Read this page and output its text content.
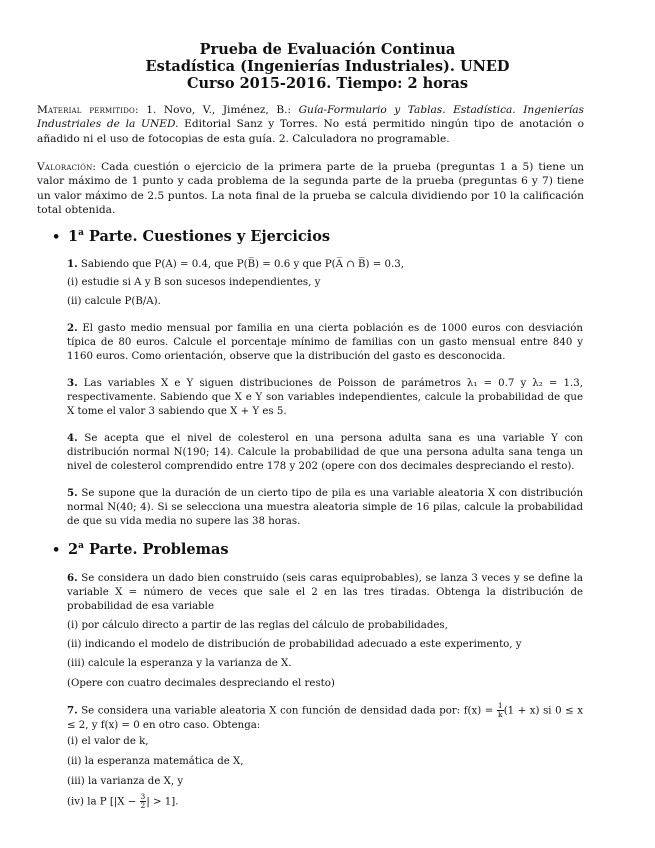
Prueba de Evaluación Continua
Estadística (Ingenierías Industriales). UNED
Curso 2015-2016. Tiempo: 2 horas
Material permitido: 1. Novo, V., Jiménez, B.: Guía-Formulario y Tablas. Estadística. Ingenierías Industriales de la UNED. Editorial Sanz y Torres. No está permitido ningún tipo de anotación o añadido ni el uso de fotocopias de esta guía. 2. Calculadora no programable.
Valoración: Cada cuestión o ejercicio de la primera parte de la prueba (preguntas 1 a 5) tiene un valor máximo de 1 punto y cada problema de la segunda parte de la prueba (preguntas 6 y 7) tiene un valor máximo de 2.5 puntos. La nota final de la prueba se calcula dividiendo por 10 la calificación total obtenida.
• 1$^a$ Parte. Cuestiones y Ejercicios
1. Sabiendo que P(A) = 0.4, que P(B̅) = 0.6 y que P(A̅ ∩ B̅) = 0.3,
(i) estudie si A y B son sucesos independientes, y
(ii) calcule P(B/A).
2. El gasto medio mensual por familia en una cierta población es de 1000 euros con desviación típica de 80 euros. Calcule el porcentaje mínimo de familias con un gasto mensual entre 840 y 1160 euros. Como orientación, observe que la distribución del gasto es desconocida.
3. Las variables X e Y siguen distribuciones de Poisson de parámetros λ₁ = 0.7 y λ₂ = 1.3, respectivamente. Sabiendo que X e Y son variables independientes, calcule la probabilidad de que X tome el valor 3 sabiendo que X + Y es 5.
4. Se acepta que el nivel de colesterol en una persona adulta sana es una variable Y con distribución normal N(190; 14). Calcule la probabilidad de que una persona adulta sana tenga un nivel de colesterol comprendido entre 178 y 202 (opere con dos decimales despreciando el resto).
5. Se supone que la duración de un cierto tipo de pila es una variable aleatoria X con distribución normal N(40; 4). Si se selecciona una muestra aleatoria simple de 16 pilas, calcule la probabilidad de que su vida media no supere las 38 horas.
• 2$^a$ Parte. Problemas
6. Se considera un dado bien construido (seis caras equiprobables), se lanza 3 veces y se define la variable X = número de veces que sale el 2 en las tres tiradas. Obtenga la distribución de probabilidad de esa variable
(i) por cálculo directo a partir de las reglas del cálculo de probabilidades,
(ii) indicando el modelo de distribución de probabilidad adecuado a este experimento, y
(iii) calcule la esperanza y la varianza de X.
(Opere con cuatro decimales despreciando el resto)
7. Se considera una variable aleatoria X con función de densidad dada por: $f(x) = \frac{1}{k} (1 + x)$ si 0 ≤ x ≤ 2, y f(x) = 0 en otro caso. Obtenga:
(i) el valor de k,
(ii) la esperanza matemática de X,
(iii) la varianza de X, y
(iv) la P [$|X - \frac{3}{2}$ | > 1].
